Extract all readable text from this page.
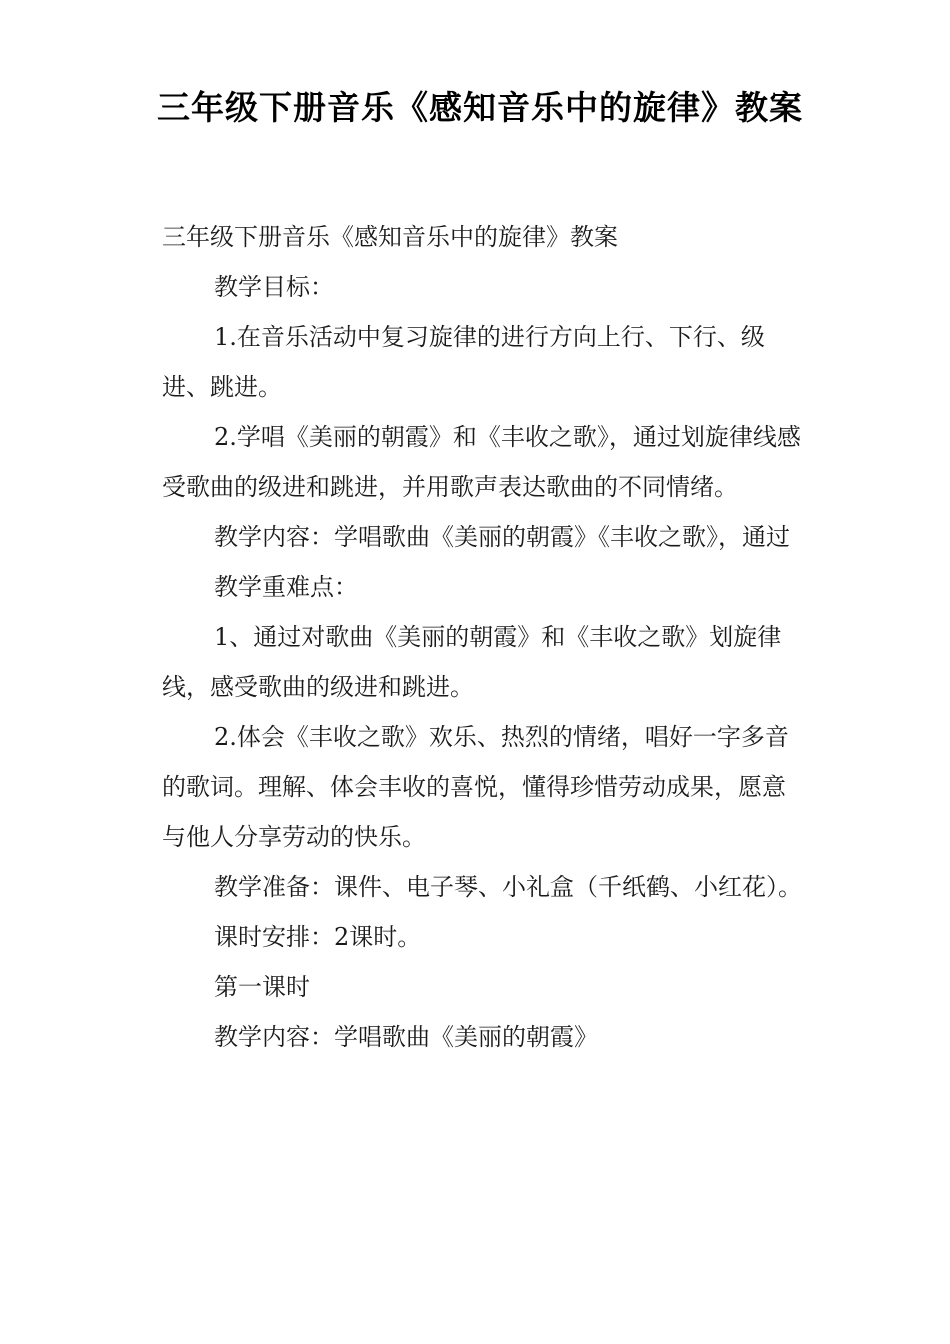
三年级下册音乐《感知音乐中的旋律》教案

三年级下册音乐《感知音乐中的旋律》教案

教学目标：

1.在音乐活动中复习旋律的进行方向上行、下行、级进、跳进。

2.学唱《美丽的朝霞》和《丰收之歌》，通过划旋律线感受歌曲的级进和跳进，并用歌声表达歌曲的不同情绪。

教学内容：学唱歌曲《美丽的朝霞》《丰收之歌》，通过

教学重难点：

1、通过对歌曲《美丽的朝霞》和《丰收之歌》划旋律线，感受歌曲的级进和跳进。

2.体会《丰收之歌》欢乐、热烈的情绪，唱好一字多音的歌词。理解、体会丰收的喜悦，懂得珍惜劳动成果，愿意与他人分享劳动的快乐。

教学准备：课件、电子琴、小礼盒（千纸鹤、小红花）。

课时安排：2课时。

第一课时

教学内容：学唱歌曲《美丽的朝霞》
